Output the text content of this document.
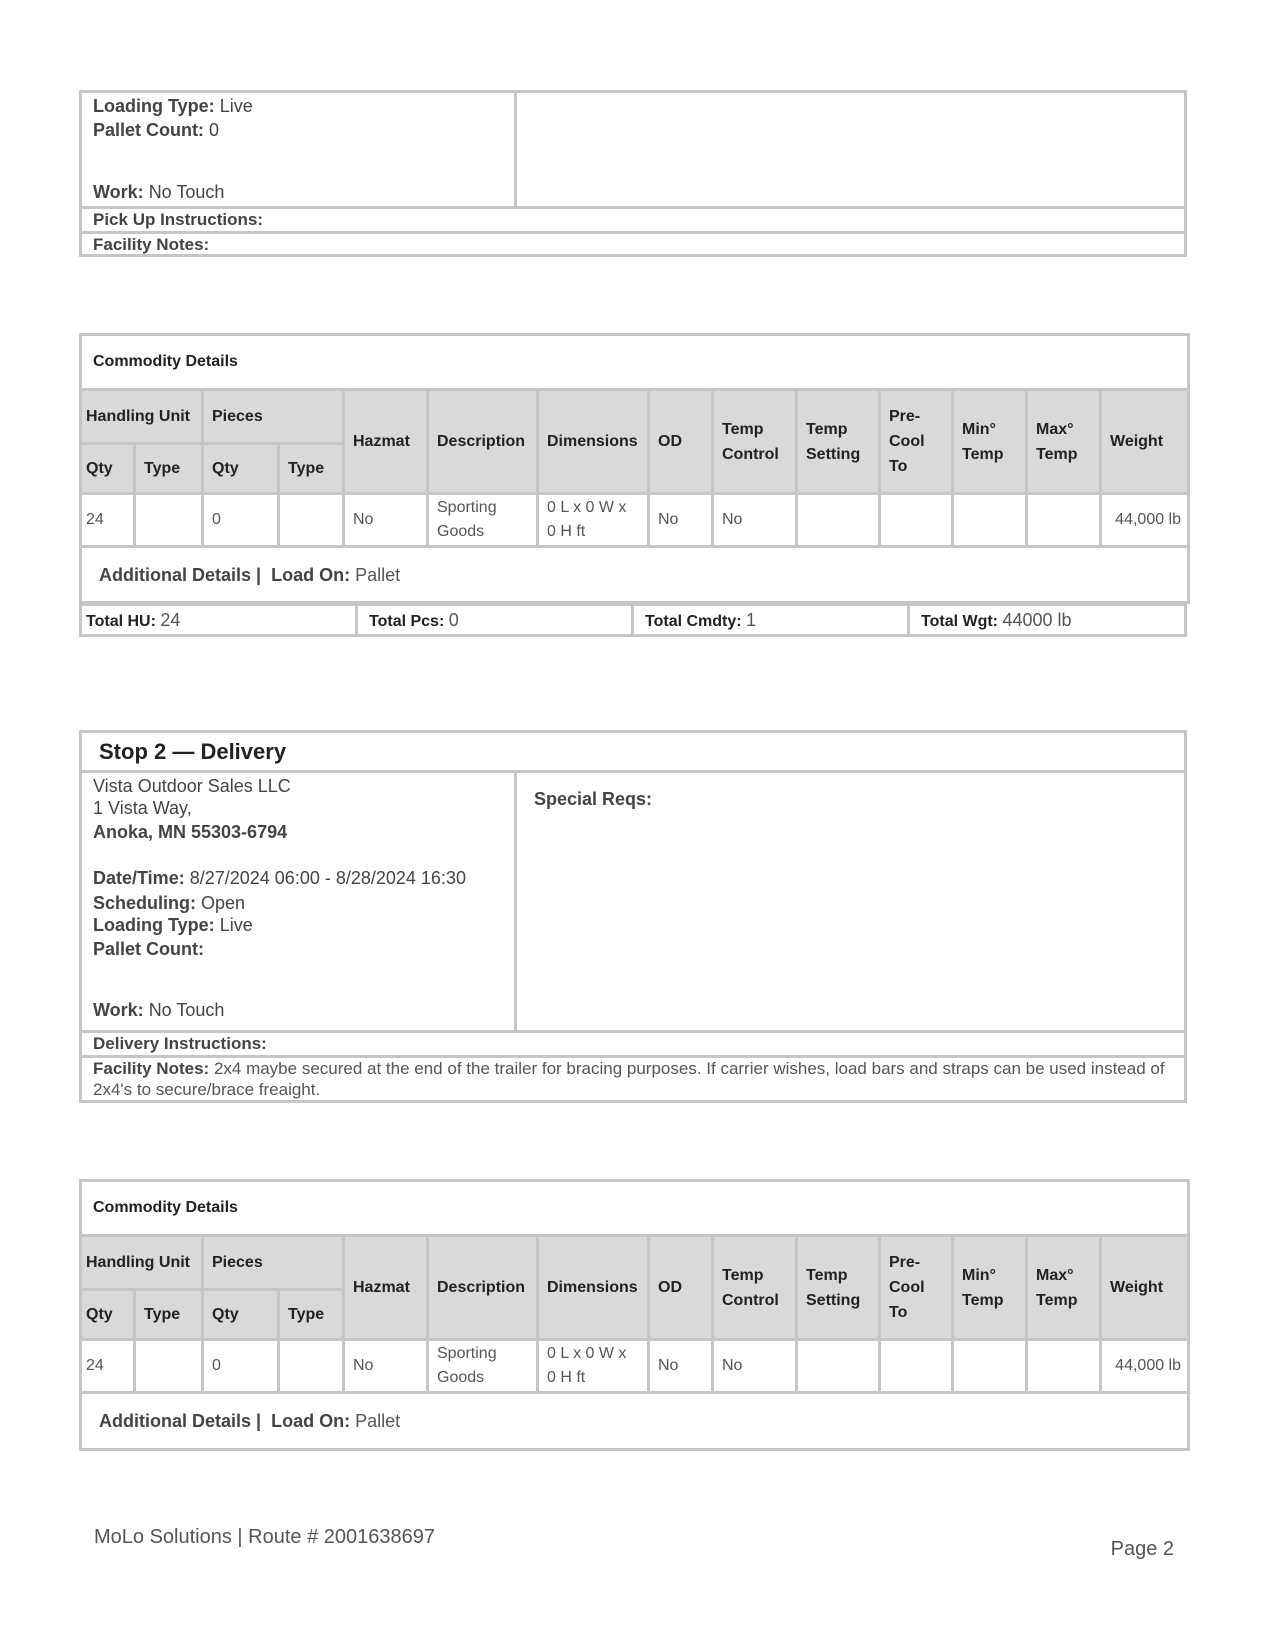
Loading Type: Live
Pallet Count: 0
Work: No Touch
Pick Up Instructions:
Facility Notes:
Commodity Details													
Handling Unit		Pieces		Hazmat	Description	Dimensions	OD	Temp Control	Temp Setting	Pre-Cool To	Min° Temp	Max° Temp	Weight
Qty	Type	Qty	Type										
24		0		No	Sporting Goods	0 L x 0 W x 0 H ft	No	No					44,000 lb
Additional Details | Load On: Pallet													
Total HU: 24	Total Pcs: 0	Total Cmdty: 1	Total Wgt: 44000 lb
Stop 2 — Delivery
Vista Outdoor Sales LLC
1 Vista Way,
Anoka, MN 55303-6794
Date/Time: 8/27/2024 06:00 - 8/28/2024 16:30
Scheduling: Open
Loading Type: Live
Pallet Count:
Work: No Touch
Special Reqs:
Delivery Instructions:
Facility Notes: 2x4 maybe secured at the end of the trailer for bracing purposes. If carrier wishes, load bars and straps can be used instead of 2x4's to secure/brace freaight.
Commodity Details													
Handling Unit		Pieces		Hazmat	Description	Dimensions	OD	Temp Control	Temp Setting	Pre-Cool To	Min° Temp	Max° Temp	Weight
Qty	Type	Qty	Type										
24		0		No	Sporting Goods	0 L x 0 W x 0 H ft	No	No					44,000 lb
Additional Details | Load On: Pallet													
MoLo Solutions | Route # 2001638697
Page 2
